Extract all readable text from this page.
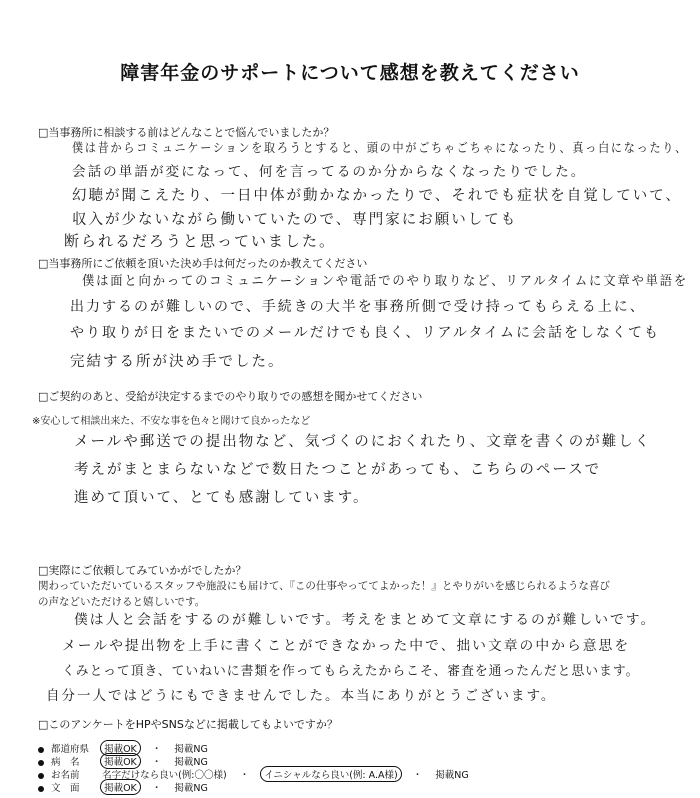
障害年金のサポートについて感想を教えてください
□当事務所に相談する前はどんなことで悩んでいましたか？
僕は昔からコミュニケーションを取ろうとすると、頭の中がごちゃごちゃになったり、真っ白になったり、
会話の単語が変になって、何を言ってるのか分からなくなったりでした。
幻聴が聞こえたり、一日中体が動かなかったりで、それでも症状を自覚していて、
収入が少ないながら働いていたので、専門家にお願いしても
断られるだろうと思っていました。
□当事務所にご依頼を頂いた決め手は何だったのか教えてください
僕は面と向かってのコミュニケーションや電話でのやり取りなど、リアルタイムに文章や単語を
出力するのが難しいので、手続きの大半を事務所側で受け持ってもらえる上に、
やり取りが日をまたいでのメールだけでも良く、リアルタイムに会話をしなくても
完結する所が決め手でした。
□ご契約のあと、受給が決定するまでのやり取りでの感想を聞かせてください
※安心して相談出来た、不安な事を色々と聞けて良かったなど
メールや郵送での提出物など、気づくのにおくれたり、文章を書くのが難しく
考えがまとまらないなどで数日たつことがあっても、こちらのペースで
進めて頂いて、とても感謝しています。
□実際にご依頼してみていかがでしたか？
関わっていただいているスタッフや施設にも届けて、『この仕事やっててよかった！』とやりがいを感じられるような喜び
の声などいただけると嬉しいです。
僕は人と会話をするのが難しいです。考えをまとめて文章にするのが難しいです。
メールや提出物を上手に書くことができなかった中で、拙い文章の中から意思を
くみとって頂き、ていねいに書類を作ってもらえたからこそ、審査を通ったんだと思います。
自分一人ではどうにもできませんでした。本当にありがとうございます。
□このアンケートをHPやSNSなどに掲載してもよいですか？
都道府県 掲載OK ・ 掲載NG
病　名	掲載OK ・ 掲載NG
お名前 名字だけなら良い(例:〇〇様) ・ イニシャルなら良い(例: A.A様) ・ 掲載NG
文　面	掲載OK ・ 掲載NG
